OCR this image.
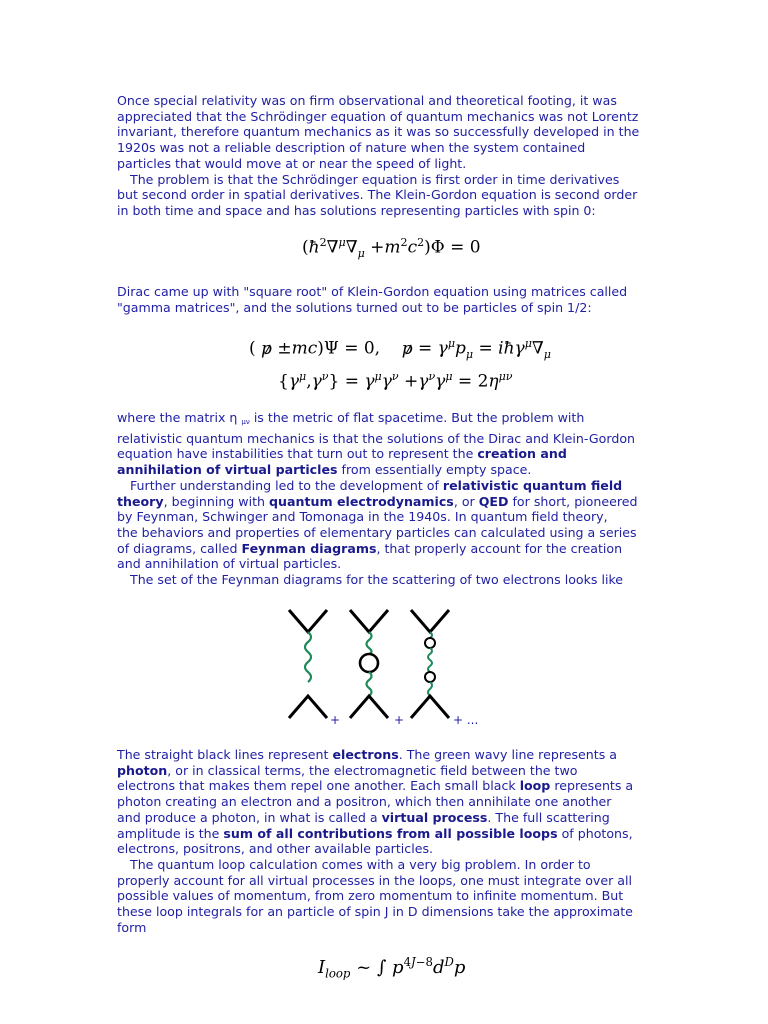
Once special relativity was on firm observational and theoretical footing, it was
appreciated that the Schrödinger equation of quantum mechanics was not Lorentz
invariant, therefore quantum mechanics as it was so successfully developed in the
1920s was not a reliable description of nature when the system contained
particles that would move at or near the speed of light.
The problem is that the Schrödinger equation is first order in time derivatives
but second order in spatial derivatives. The Klein-Gordon equation is second order
in both time and space and has solutions representing particles with spin 0:
$(ħ^2\nabla^\mu\nabla_\mu +m^2c^2)\Phi = 0$
Dirac came up with "square root" of Klein-Gordon equation using matrices called
"gamma matrices", and the solutions turned out to be particles of spin 1/2:
( p ±mc)Ψ = 0,    $p = \gamma^\mu p_\mu$ = $iħ\gamma^\mu\nabla_\mu$
$\{\gamma^\mu,\gamma^\nu\} = \gamma^\mu\gamma^\nu +\gamma^\nu\gamma^\mu = 2\eta^{\mu\nu}$
where the matrix η μν is the metric of flat spacetime. But the problem with
relativistic quantum mechanics is that the solutions of the Dirac and Klein-Gordon
equation have instabilities that turn out to represent the creation and
annihilation of virtual particles from essentially empty space.
Further understanding led to the development of relativistic quantum field
theory, beginning with quantum electrodynamics, or QED for short, pioneered
by Feynman, Schwinger and Tomonaga in the 1940s. In quantum field theory,
the behaviors and properties of elementary particles can calculated using a series
of diagrams, called Feynman diagrams, that properly account for the creation
and annihilation of virtual particles.
The set of the Feynman diagrams for the scattering of two electrons looks like
+	+	+ ...
The straight black lines represent electrons. The green wavy line represents a
photon, or in classical terms, the electromagnetic field between the two
electrons that makes them repel one another. Each small black loop represents a
photon creating an electron and a positron, which then annihilate one another
and produce a photon, in what is called a virtual process. The full scattering
amplitude is the sum of all contributions from all possible loops of photons,
electrons, positrons, and other available particles.
The quantum loop calculation comes with a very big problem. In order to
properly account for all virtual processes in the loops, one must integrate over all
possible values of momentum, from zero momentum to infinite momentum. But
these loop integrals for an particle of spin J in D dimensions take the approximate
form
$I_{loop}$ ~ ∫ $p^{4J-8}d^Dp$
